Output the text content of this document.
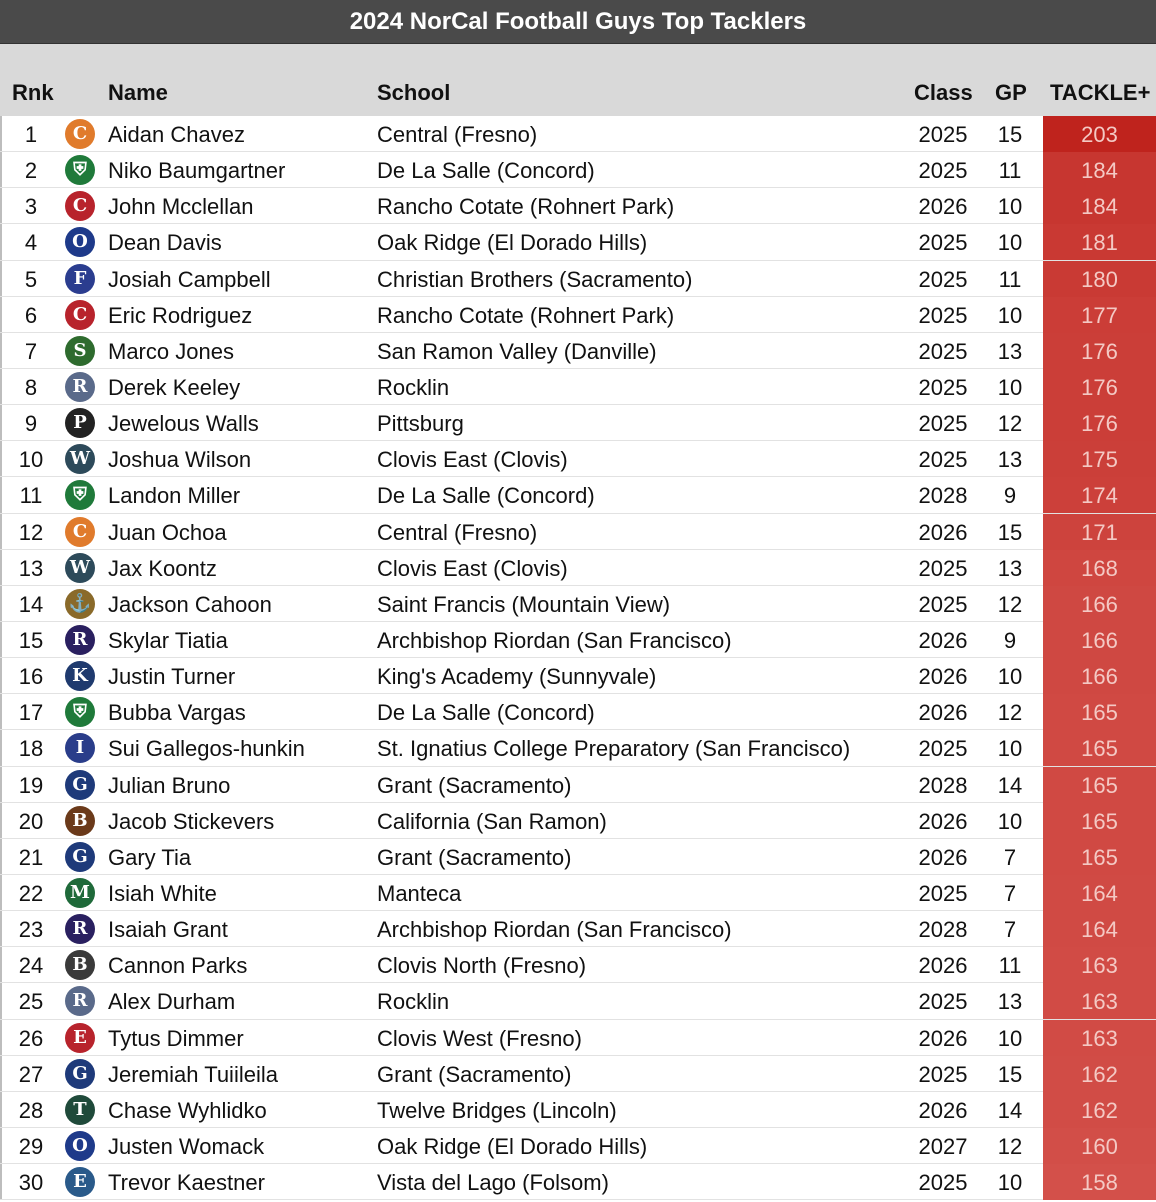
2024 NorCal Football Guys Top Tacklers
Rnk Name	School	Class GP TACKLE+
1	C Aidan Chavez	Central (Fresno)	2025	15	203
2	⛨ Niko Baumgartner	De La Salle (Concord)	2025	11	184
3	C John Mcclellan	Rancho Cotate (Rohnert Park)	2026	10	184
4	O Dean Davis	Oak Ridge (El Dorado Hills)	2025	10	181
5	F Josiah Campbell	Christian Brothers (Sacramento)	2025	11	180
6	C Eric Rodriguez	Rancho Cotate (Rohnert Park)	2025	10	177
7	S Marco Jones	San Ramon Valley (Danville)	2025	13	176
8	R Derek Keeley	Rocklin	2025	10	176
9	P Jewelous Walls	Pittsburg	2025	12	176
10	W Joshua Wilson	Clovis East (Clovis)	2025	13	175
11	⛨ Landon Miller	De La Salle (Concord)	2028	9	174
12	C Juan Ochoa	Central (Fresno)	2026	15	171
13	W Jax Koontz	Clovis East (Clovis)	2025	13	168
14	⚓ Jackson Cahoon	Saint Francis (Mountain View)	2025	12	166
15	R Skylar Tiatia	Archbishop Riordan (San Francisco)	2026	9	166
16	K Justin Turner	King's Academy (Sunnyvale)	2026	10	166
17	⛨ Bubba Vargas	De La Salle (Concord)	2026	12	165
18	I	Sui Gallegos-hunkin	St. Ignatius College Preparatory (San Francisco)	2025	10	165
19	G Julian Bruno	Grant (Sacramento)	2028	14	165
20	B Jacob Stickevers	California (San Ramon)	2026	10	165
21	G Gary Tia	Grant (Sacramento)	2026	7	165
22	M Isiah White	Manteca	2025	7	164
23	R Isaiah Grant	Archbishop Riordan (San Francisco)	2028	7	164
24	B Cannon Parks	Clovis North (Fresno)	2026	11	163
25	R Alex Durham	Rocklin	2025	13	163
26	E Tytus Dimmer	Clovis West (Fresno)	2026	10	163
27	G Jeremiah Tuiileila	Grant (Sacramento)	2025	15	162
28	T Chase Wyhlidko	Twelve Bridges (Lincoln)	2026	14	162
29	O Justen Womack	Oak Ridge (El Dorado Hills)	2027	12	160
30	E Trevor Kaestner	Vista del Lago (Folsom)	2025	10	158
